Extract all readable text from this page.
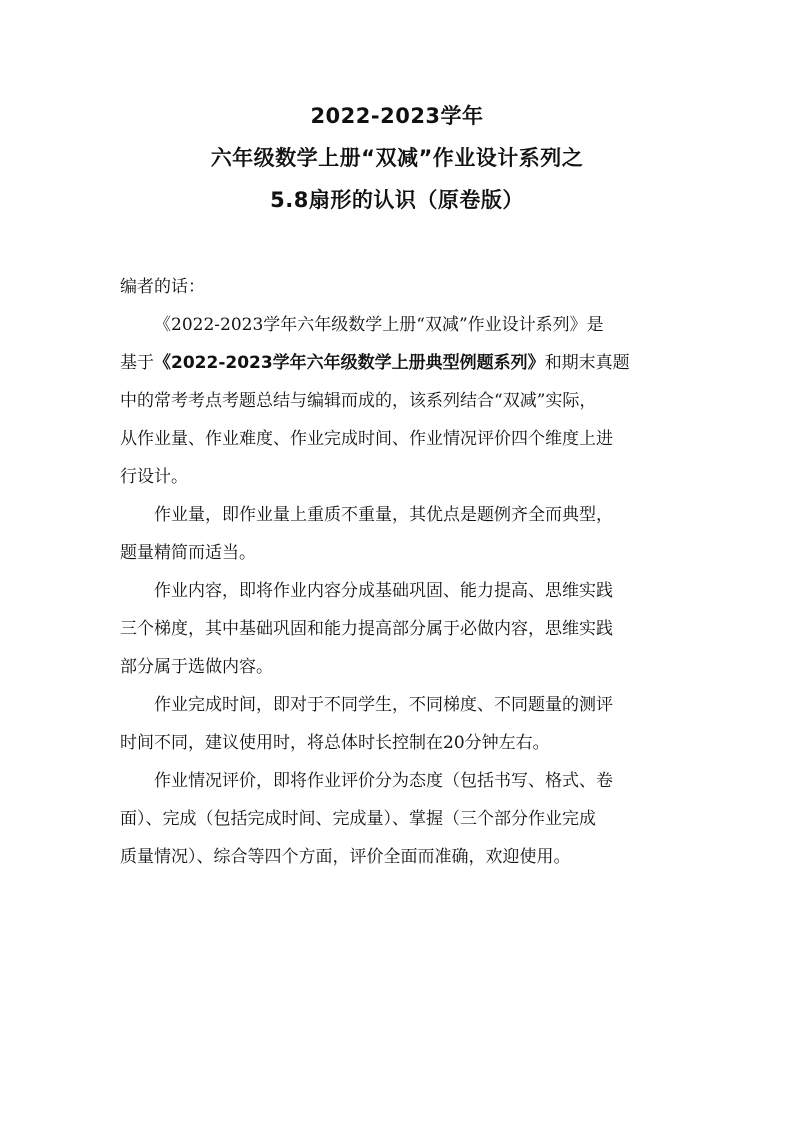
2022-2023学年
六年级数学上册“双减”作业设计系列之
5.8扇形的认识（原卷版）
编者的话：
《2022-2023学年六年级数学上册“双减”作业设计系列》是
基于《2022-2023学年六年级数学上册典型例题系列》和期末真题
中的常考考点考题总结与编辑而成的，该系列结合“双减”实际，
从作业量、作业难度、作业完成时间、作业情况评价四个维度上进
行设计。
作业量，即作业量上重质不重量，其优点是题例齐全而典型，
题量精简而适当。
作业内容，即将作业内容分成基础巩固、能力提高、思维实践
三个梯度，其中基础巩固和能力提高部分属于必做内容，思维实践
部分属于选做内容。
作业完成时间，即对于不同学生，不同梯度、不同题量的测评
时间不同，建议使用时，将总体时长控制在20分钟左右。
作业情况评价，即将作业评价分为态度（包括书写、格式、卷
面）、完成（包括完成时间、完成量）、掌握（三个部分作业完成
质量情况）、综合等四个方面，评价全面而准确，欢迎使用。
